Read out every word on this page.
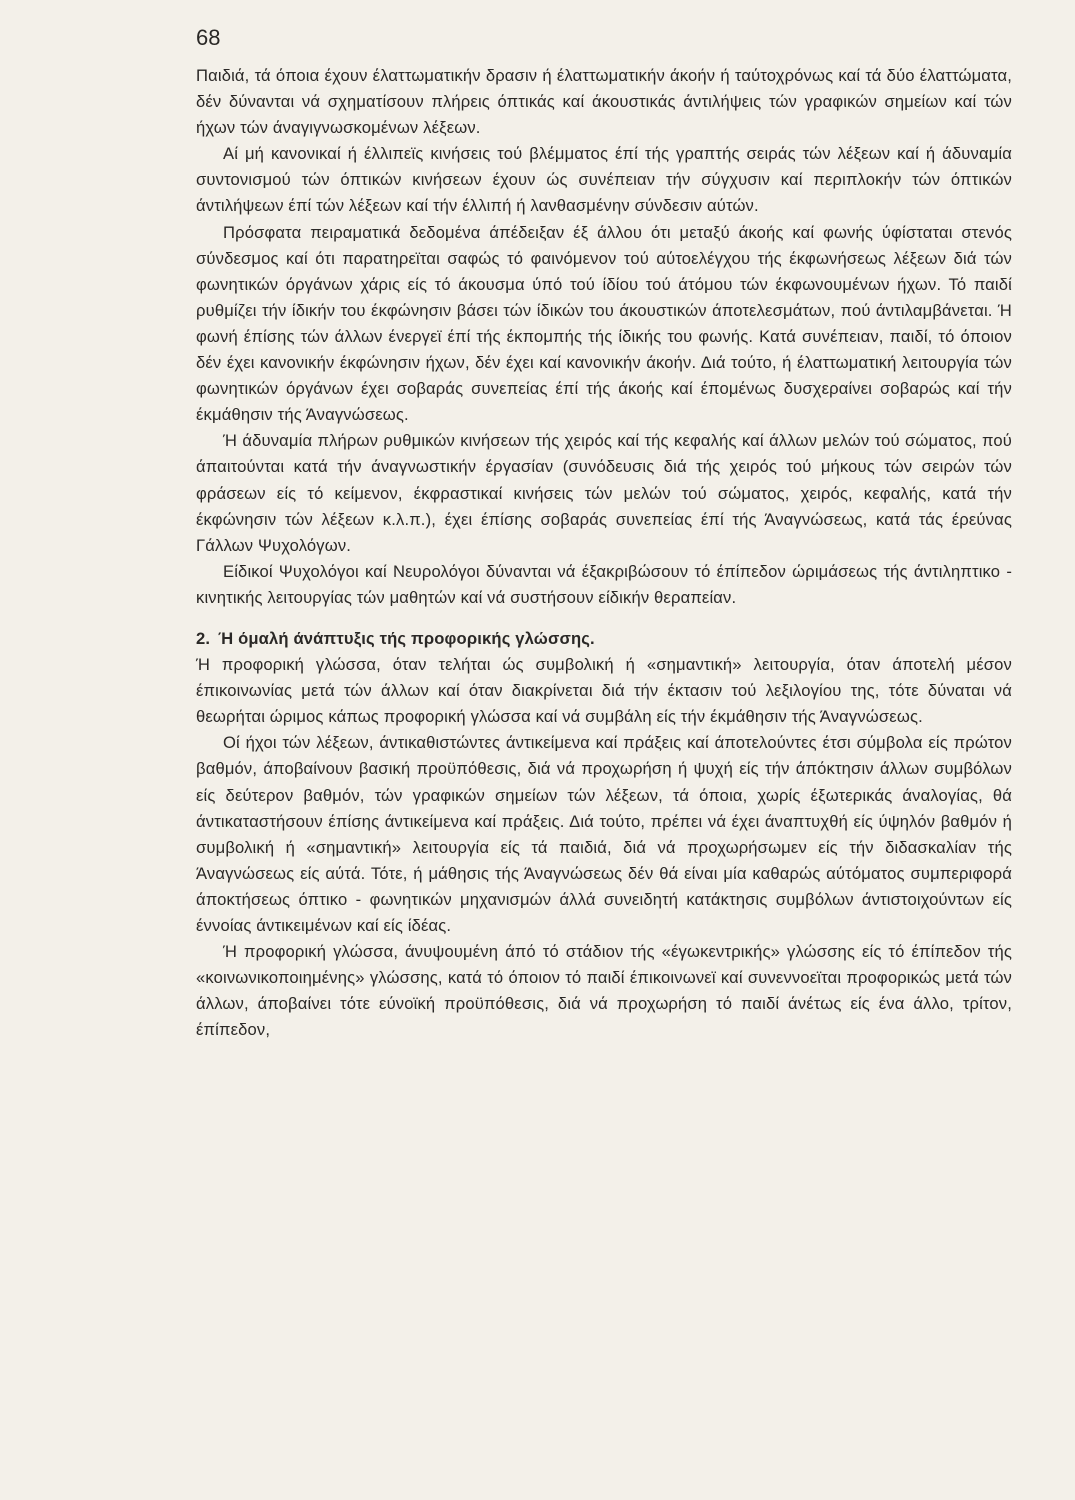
68

Παιδιά, τά όποια έχουν έλαττωματικήν δρασιν ή έλαττωματικήν άκοήν ή ταύτοχρόνως καί τά δύο έλαττώματα, δέν δύνανται νά σχηματίσουν πλήρεις όπτικάς καί άκουστικάς άντιλήψεις τών γραφικών σημείων καί τών ήχων τών άναγιγνωσκομένων λέξεων.

Αί μή κανονικαί ή έλλιπεϊς κινήσεις τού βλέμματος έπί τής γραπτής σειράς τών λέξεων καί ή άδυναμία συντονισμού τών όπτικών κινήσεων έχουν ώς συνέπειαν τήν σύγχυσιν καί περιπλοκήν τών όπτικών άντιλήψεων έπί τών λέξεων καί τήν έλλιπή ή λανθασμένην σύνδεσιν αύτών.

Πρόσφατα πειραματικά δεδομένα άπέδειξαν έξ άλλου ότι μεταξύ άκοής καί φωνής ύφίσταται στενός σύνδεσμος καί ότι παρατηρεϊται σαφώς τό φαινόμενον τού αύτοελέγχου τής έκφωνήσεως λέξεων διά τών φωνητικών όργάνων χάρις είς τό άκουσμα ύπό τού ίδίου τού άτόμου τών έκφωνουμένων ήχων. Τό παιδί ρυθμίζει τήν ίδικήν του έκφώνησιν βάσει τών ίδικών του άκουστικών άποτελεσμάτων, πού άντιλαμβάνεται. Ή φωνή έπίσης τών άλλων ένεργεϊ έπί τής έκπομπής τής ίδικής του φωνής. Κατά συνέπειαν, παιδί, τό όποιον δέν έχει κανονικήν έκφώνησιν ήχων, δέν έχει καί κανονικήν άκοήν. Διά τούτο, ή έλαττωματική λειτουργία τών φωνητικών όργάνων έχει σοβαράς συνεπείας έπί τής άκοής καί έπομένως δυσχεραίνει σοβαρώς καί τήν έκμάθησιν τής Άναγνώσεως.

Ή άδυναμία πλήρων ρυθμικών κινήσεων τής χειρός καί τής κεφαλής καί άλλων μελών τού σώματος, πού άπαιτούνται κατά τήν άναγνωστικήν έργασίαν (συνόδευσις διά τής χειρός τού μήκους τών σειρών τών φράσεων είς τό κείμενον, έκφραστικαί κινήσεις τών μελών τού σώματος, χειρός, κεφαλής, κατά τήν έκφώνησιν τών λέξεων κ.λ.π.), έχει έπίσης σοβαράς συνεπείας έπί τής Άναγνώσεως, κατά τάς έρεύνας Γάλλων Ψυχολόγων.

Είδικοί Ψυχολόγοι καί Νευρολόγοι δύνανται νά έξακριβώσουν τό έπίπεδον ώριμάσεως τής άντιληπτικο - κινητικής λειτουργίας τών μαθητών καί νά συστήσουν είδικήν θεραπείαν.

2. Ή όμαλή άνάπτυξις τής προφορικής γλώσσης.

Ή προφορική γλώσσα, όταν τελήται ώς συμβολική ή «σημαντική» λειτουργία, όταν άποτελή μέσον έπικοινωνίας μετά τών άλλων καί όταν διακρίνεται διά τήν έκτασιν τού λεξιλογίου της, τότε δύναται νά θεωρήται ώριμος κάπως προφορική γλώσσα καί νά συμβάλη είς τήν έκμάθησιν τής Άναγνώσεως.

Οί ήχοι τών λέξεων, άντικαθιστώντες άντικείμενα καί πράξεις καί άποτελούντες έτσι σύμβολα είς πρώτον βαθμόν, άποβαίνουν βασική προϋπόθεσις, διά νά προχωρήση ή ψυχή είς τήν άπόκτησιν άλλων συμβόλων είς δεύτερον βαθμόν, τών γραφικών σημείων τών λέξεων, τά όποια, χωρίς έξωτερικάς άναλογίας, θά άντικαταστήσουν έπίσης άντικείμενα καί πράξεις. Διά τούτο, πρέπει νά έχει άναπτυχθή είς ύψηλόν βαθμόν ή συμβολική ή «σημαντική» λειτουργία είς τά παιδιά, διά νά προχωρήσωμεν είς τήν διδασκαλίαν τής Άναγνώσεως είς αύτά. Τότε, ή μάθησις τής Άναγνώσεως δέν θά είναι μία καθαρώς αύτόματος συμπεριφορά άποκτήσεως όπτικο - φωνητικών μηχανισμών άλλά συνειδητή κατάκτησις συμβόλων άντιστοιχούντων είς έννοίας άντικειμένων καί είς ίδέας.

Ή προφορική γλώσσα, άνυψουμένη άπό τό στάδιον τής «έγωκεντρικής» γλώσσης είς τό έπίπεδον τής «κοινωνικοποιημένης» γλώσσης, κατά τό όποιον τό παιδί έπικοινωνεϊ καί συνεννοεϊται προφορικώς μετά τών άλλων, άποβαίνει τότε εύνοϊκή προϋπόθεσις, διά νά προχωρήση τό παιδί άνέτως είς ένα άλλο, τρίτον, έπίπεδον,
